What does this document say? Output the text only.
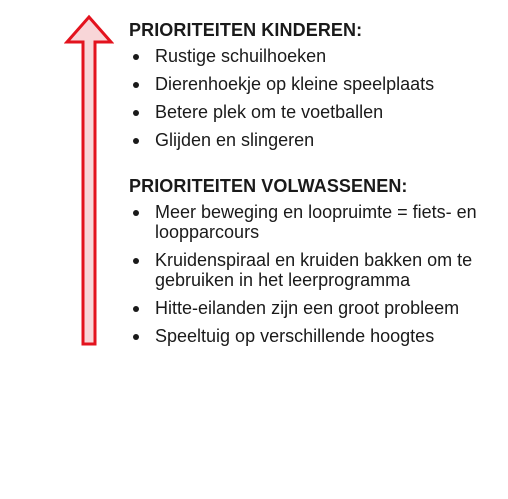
PRIORITEITEN KINDEREN:
Rustige schuilhoeken
Dierenhoekje op kleine speelplaats
Betere plek om te voetballen
Glijden en slingeren
PRIORITEITEN VOLWASSENEN:
Meer beweging en loopruimte = fiets- en loopparcours
Kruidenspiraal en kruiden bakken om te gebruiken in het leerprogramma
Hitte-eilanden zijn een groot probleem
Speeltuig op verschillende hoogtes
